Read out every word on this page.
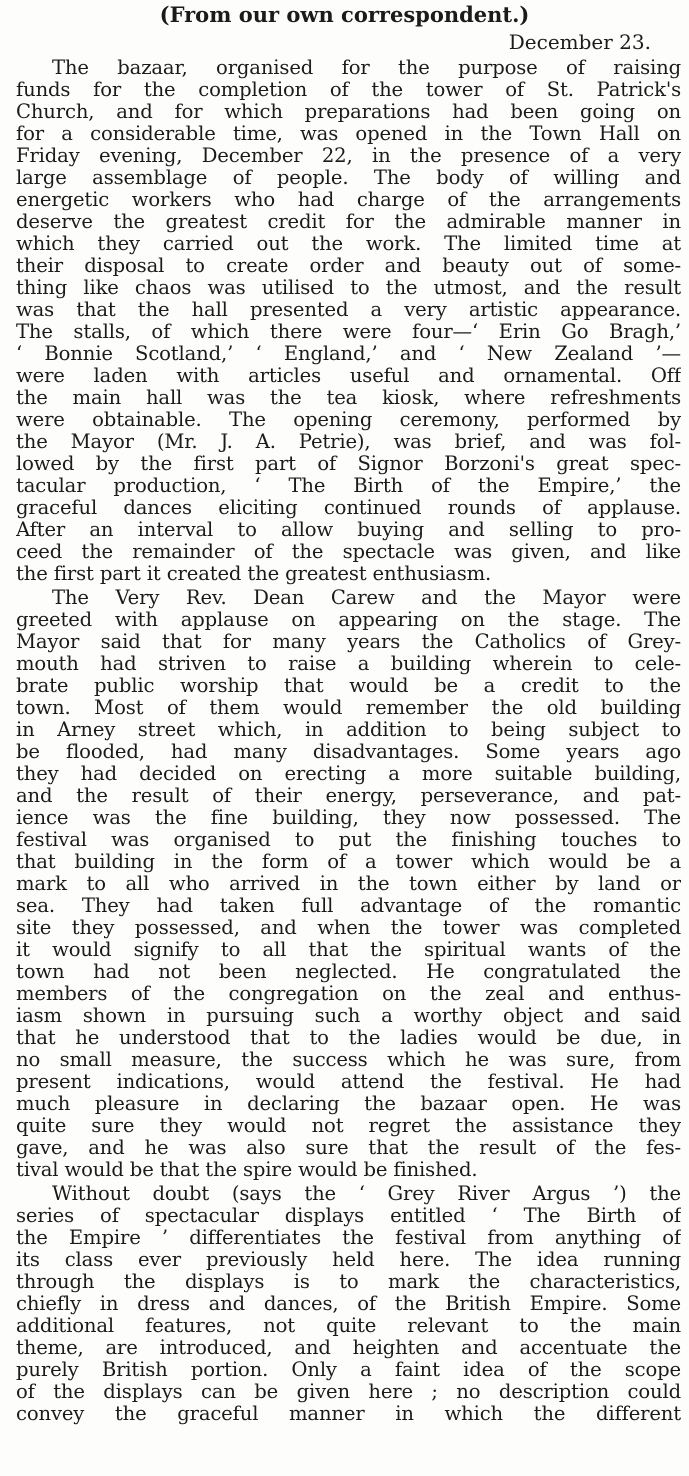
(From our own correspondent.)
December 23.
The bazaar, organised for the purpose of raising
funds for the completion of the tower of St. Patrick's
Church, and for which preparations had been going on
for a considerable time, was opened in the Town Hall on
Friday evening, December 22, in the presence of a very
large assemblage of people. The body of willing and
energetic workers who had charge of the arrangements
deserve the greatest credit for the admirable manner in
which they carried out the work. The limited time at
their disposal to create order and beauty out of some-
thing like chaos was utilised to the utmost, and the result
was that the hall presented a very artistic appearance.
The stalls, of which there were four—‘ Erin Go Bragh,’
‘ Bonnie Scotland,’ ‘ England,’ and ‘ New Zealand ’—
were laden with articles useful and ornamental. Off
the main hall was the tea kiosk, where refreshments
were obtainable. The opening ceremony, performed by
the Mayor (Mr. J. A. Petrie), was brief, and was fol-
lowed by the first part of Signor Borzoni's great spec-
tacular production, ‘ The Birth of the Empire,’ the
graceful dances eliciting continued rounds of applause.
After an interval to allow buying and selling to pro-
ceed the remainder of the spectacle was given, and like
the first part it created the greatest enthusiasm.
The Very Rev. Dean Carew and the Mayor were
greeted with applause on appearing on the stage. The
Mayor said that for many years the Catholics of Grey-
mouth had striven to raise a building wherein to cele-
brate public worship that would be a credit to the
town. Most of them would remember the old building
in Arney street which, in addition to being subject to
be flooded, had many disadvantages. Some years ago
they had decided on erecting a more suitable building,
and the result of their energy, perseverance, and pat-
ience was the fine building, they now possessed. The
festival was organised to put the finishing touches to
that building in the form of a tower which would be a
mark to all who arrived in the town either by land or
sea. They had taken full advantage of the romantic
site they possessed, and when the tower was completed
it would signify to all that the spiritual wants of the
town had not been neglected. He congratulated the
members of the congregation on the zeal and enthus-
iasm shown in pursuing such a worthy object and said
that he understood that to the ladies would be due, in
no small measure, the success which he was sure, from
present indications, would attend the festival. He had
much pleasure in declaring the bazaar open. He was
quite sure they would not regret the assistance they
gave, and he was also sure that the result of the fes-
tival would be that the spire would be finished.
Without doubt (says the ‘ Grey River Argus ’) the
series of spectacular displays entitled ‘ The Birth of
the Empire ’ differentiates the festival from anything of
its class ever previously held here. The idea running
through the displays is to mark the characteristics,
chiefly in dress and dances, of the British Empire. Some
additional features, not quite relevant to the main
theme, are introduced, and heighten and accentuate the
purely British portion. Only a faint idea of the scope
of the displays can be given here ; no description could
convey the graceful manner in which the different
